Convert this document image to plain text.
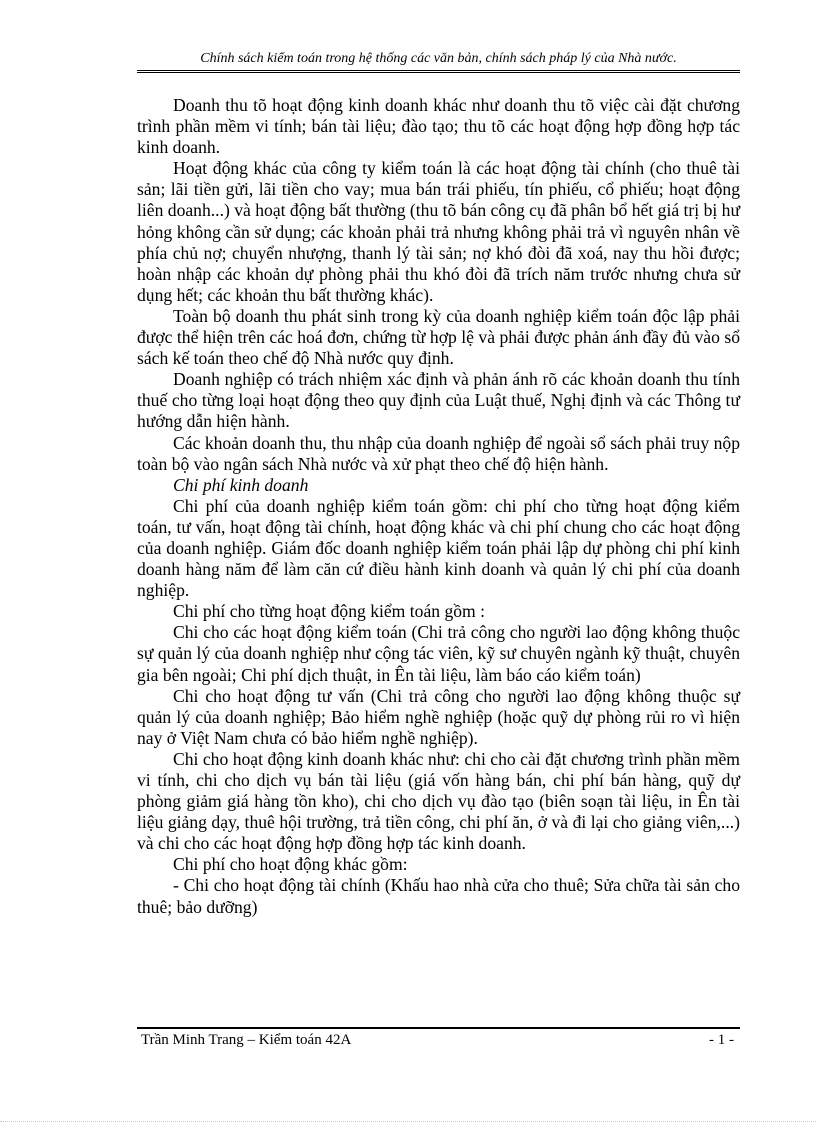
Chính sách kiểm toán trong hệ thống các văn bản, chính sách pháp lý của Nhà nước.

Doanh thu tõ hoạt động kinh doanh khác như doanh thu tõ việc cài đặt chương trình phần mềm vi tính; bán tài liệu; đào tạo; thu tõ các hoạt động hợp đồng hợp tác kinh doanh.

Hoạt động khác của công ty kiểm toán là các hoạt động tài chính (cho thuê tài sản; lãi tiền gửi, lãi tiền cho vay; mua bán trái phiếu, tín phiếu, cổ phiếu; hoạt động liên doanh...) và hoạt động bất thường (thu tõ bán công cụ đã phân bổ hết giá trị bị hư hỏng không cần sử dụng; các khoản phải trả nhưng không phải trả vì nguyên nhân về phía chủ nợ; chuyển nhượng, thanh lý tài sản; nợ khó đòi đã xoá, nay thu hồi được; hoàn nhập các khoản dự phòng phải thu khó đòi đã trích năm trước nhưng chưa sử dụng hết; các khoản thu bất thường khác).

Toàn bộ doanh thu phát sinh trong kỳ của doanh nghiệp kiểm toán độc lập phải được thể hiện trên các hoá đơn, chứng từ hợp lệ và phải được phản ánh đầy đủ vào sổ sách kế toán theo chế độ Nhà nước quy định.

Doanh nghiệp có trách nhiệm xác định và phản ánh rõ các khoản doanh thu tính thuế cho từng loại hoạt động theo quy định của Luật thuế, Nghị định và các Thông tư hướng dẫn hiện hành.

Các khoản doanh thu, thu nhập của doanh nghiệp để ngoài sổ sách phải truy nộp toàn bộ vào ngân sách Nhà nước và xử phạt theo chế độ hiện hành.

Chi phí kinh doanh

Chi phí của doanh nghiệp kiểm toán gồm: chi phí cho từng hoạt động kiểm toán, tư vấn, hoạt động tài chính, hoạt động khác và chi phí chung cho các hoạt động của doanh nghiệp. Giám đốc doanh nghiệp kiểm toán phải lập dự phòng chi phí kinh doanh hàng năm để làm căn cứ điều hành kinh doanh và quản lý chi phí của doanh nghiệp.

Chi phí cho từng hoạt động kiểm toán gồm :

Chi cho các hoạt động kiểm toán (Chi trả công cho người lao động không thuộc sự quản lý của doanh nghiệp như cộng tác viên, kỹ sư chuyên ngành kỹ thuật, chuyên gia bên ngoài; Chi phí dịch thuật, in Ên tài liệu, làm báo cáo kiểm toán)

Chi cho hoạt động tư vấn (Chi trả công cho người lao động không thuộc sự quản lý của doanh nghiệp; Bảo hiểm nghề nghiệp (hoặc quỹ dự phòng rủi ro vì hiện nay ở Việt Nam chưa có bảo hiểm nghề nghiệp).

Chi cho hoạt động kinh doanh khác như: chi cho cài đặt chương trình phần mềm vi tính, chi cho dịch vụ bán tài liệu (giá vốn hàng bán, chi phí bán hàng, quỹ dự phòng giảm giá hàng tồn kho), chi cho dịch vụ đào tạo (biên soạn tài liệu, in Ên tài liệu giảng dạy, thuê hội trường, trả tiền công, chi phí ăn, ở và đi lại cho giảng viên,...) và chi cho các hoạt động hợp đồng hợp tác kinh doanh.

Chi phí cho hoạt động khác gồm:

- Chi cho hoạt động tài chính (Khấu hao nhà cửa cho thuê; Sửa chữa tài sản cho thuê; bảo dưỡng)

Trần Minh Trang – Kiểm toán 42A	- 1 -
